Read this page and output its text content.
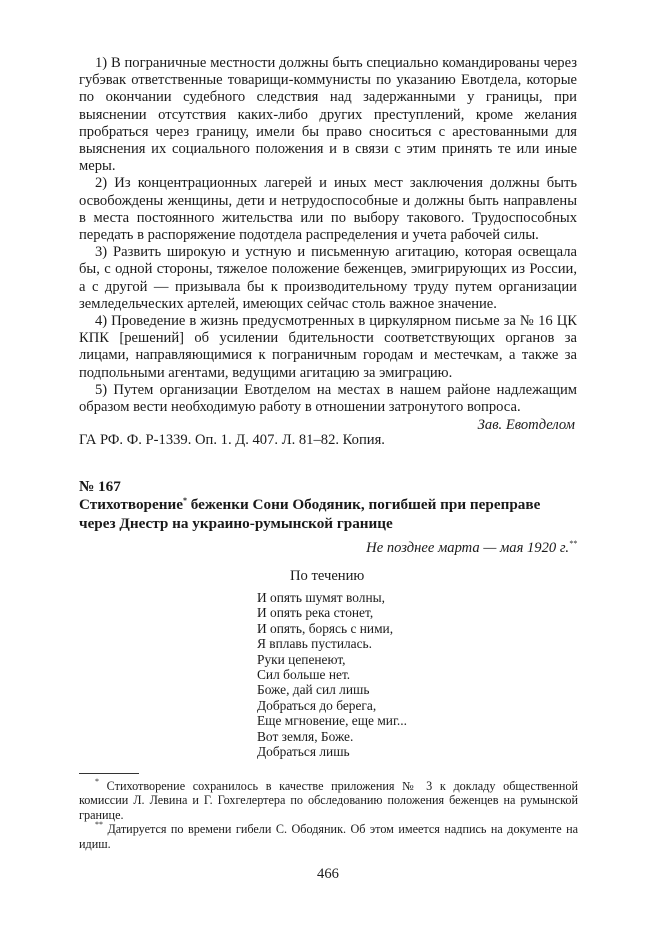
1) В пограничные местности должны быть специально командированы через губэвак ответственные товарищи-коммунисты по указанию Евотдела, которые по окончании судебного следствия над задержанными у границы, при выяснении отсутствия каких-либо других преступлений, кроме желания пробраться через границу, имели бы право сноситься с арестованными для выяснения их социального положения и в связи с этим принять те или иные меры.

2) Из концентрационных лагерей и иных мест заключения должны быть освобождены женщины, дети и нетрудоспособные и должны быть направлены в места постоянного жительства или по выбору такового. Трудоспособных передать в распоряжение подотдела распределения и учета рабочей силы.

3) Развить широкую и устную и письменную агитацию, которая освещала бы, с одной стороны, тяжелое положение беженцев, эмигрирующих из России, а с другой — призывала бы к производительному труду путем организации земледельческих артелей, имеющих сейчас столь важное значение.

4) Проведение в жизнь предусмотренных в циркулярном письме за № 16 ЦК КПК [решений] об усилении бдительности соответствующих органов за лицами, направляющимися к пограничным городам и местечкам, а также за подпольными агентами, ведущими агитацию за эмиграцию.

5) Путем организации Евотделом на местах в нашем районе надлежащим образом вести необходимую работу в отношении затронутого вопроса.

Зав. Евотделом

ГА РФ. Ф. Р-1339. Оп. 1. Д. 407. Л. 81–82. Копия.

№ 167

Стихотворение* беженки Сони Ободяник, погибшей при переправе через Днестр на украино-румынской границе

Не позднее марта — мая 1920 г.**

По течению

И опять шумят волны,
И опять река стонет,
И опять, борясь с ними,
Я вплавь пустилась.
Руки цепенеют,
Сил больше нет.
Боже, дай сил лишь
Добраться до берега,
Еще мгновение, еще миг...
Вот земля, Боже.
Добраться лишь

* Стихотворение сохранилось в качестве приложения № 3 к докладу общественной комиссии Л. Левина и Г. Гохгелертера по обследованию положения беженцев на румынской границе.

** Датируется по времени гибели С. Ободяник. Об этом имеется надпись на документе на идиш.

466
